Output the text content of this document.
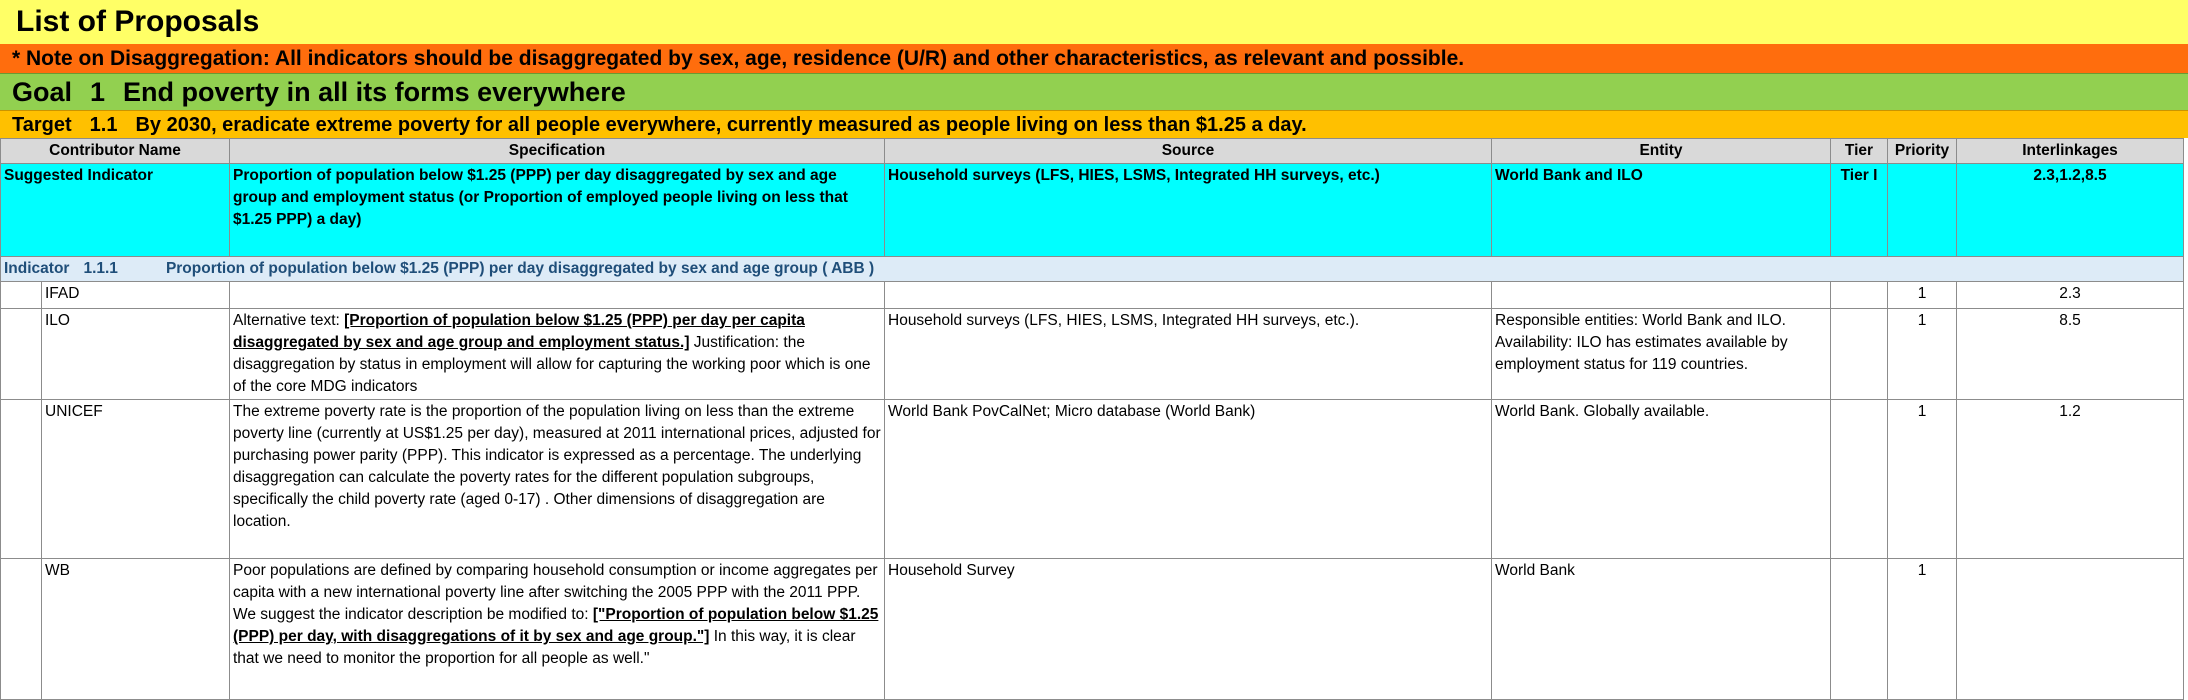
List of Proposals
* Note on Disaggregation: All indicators should be disaggregated by sex, age, residence (U/R) and other characteristics, as relevant and possible.
Goal 1 End poverty in all its forms everywhere
Target 1.1 By 2030, eradicate extreme poverty for all people everywhere, currently measured as people living on less than $1.25 a day.
Contributor Name		Specification	Source	Entity	Tier	Priority	Interlinkages
Suggested Indicator		Proportion of population below $1.25 (PPP) per day disaggregated by sex and age group and employment status (or Proportion of employed people living on less that $1.25 PPP) a day)	Household surveys (LFS, HIES, LSMS, Integrated HH surveys, etc.)	World Bank and ILO	Tier I		2.3,1.2,8.5
Indicator 1.1.1 Proportion of population below $1.25 (PPP) per day disaggregated by sex and age group ( ABB )							
	IFAD					1	2.3
	ILO	Alternative text: [Proportion of population below $1.25 (PPP) per day per capita disaggregated by sex and age group and employment status.] Justification: the disaggregation by status in employment will allow for capturing the working poor which is one of the core MDG indicators	Household surveys (LFS, HIES, LSMS, Integrated HH surveys, etc.).	Responsible entities: World Bank and ILO. Availability: ILO has estimates available by employment status for 119 countries.		1	8.5
	UNICEF	The extreme poverty rate is the proportion of the population living on less than the extreme poverty line (currently at US$1.25 per day), measured at 2011 international prices, adjusted for purchasing power parity (PPP). This indicator is expressed as a percentage. The underlying disaggregation can calculate the poverty rates for the different population subgroups, specifically the child poverty rate (aged 0-17) . Other dimensions of disaggregation are location.	World Bank PovCalNet; Micro database (World Bank)	World Bank. Globally available.		1	1.2
	WB	Poor populations are defined by comparing household consumption or income aggregates per capita with a new international poverty line after switching the 2005 PPP with the 2011 PPP. We suggest the indicator description be modified to: ["Proportion of population below $1.25 (PPP) per day, with disaggregations of it by sex and age group."] In this way, it is clear that we need to monitor the proportion for all people as well."	Household Survey	World Bank		1	
